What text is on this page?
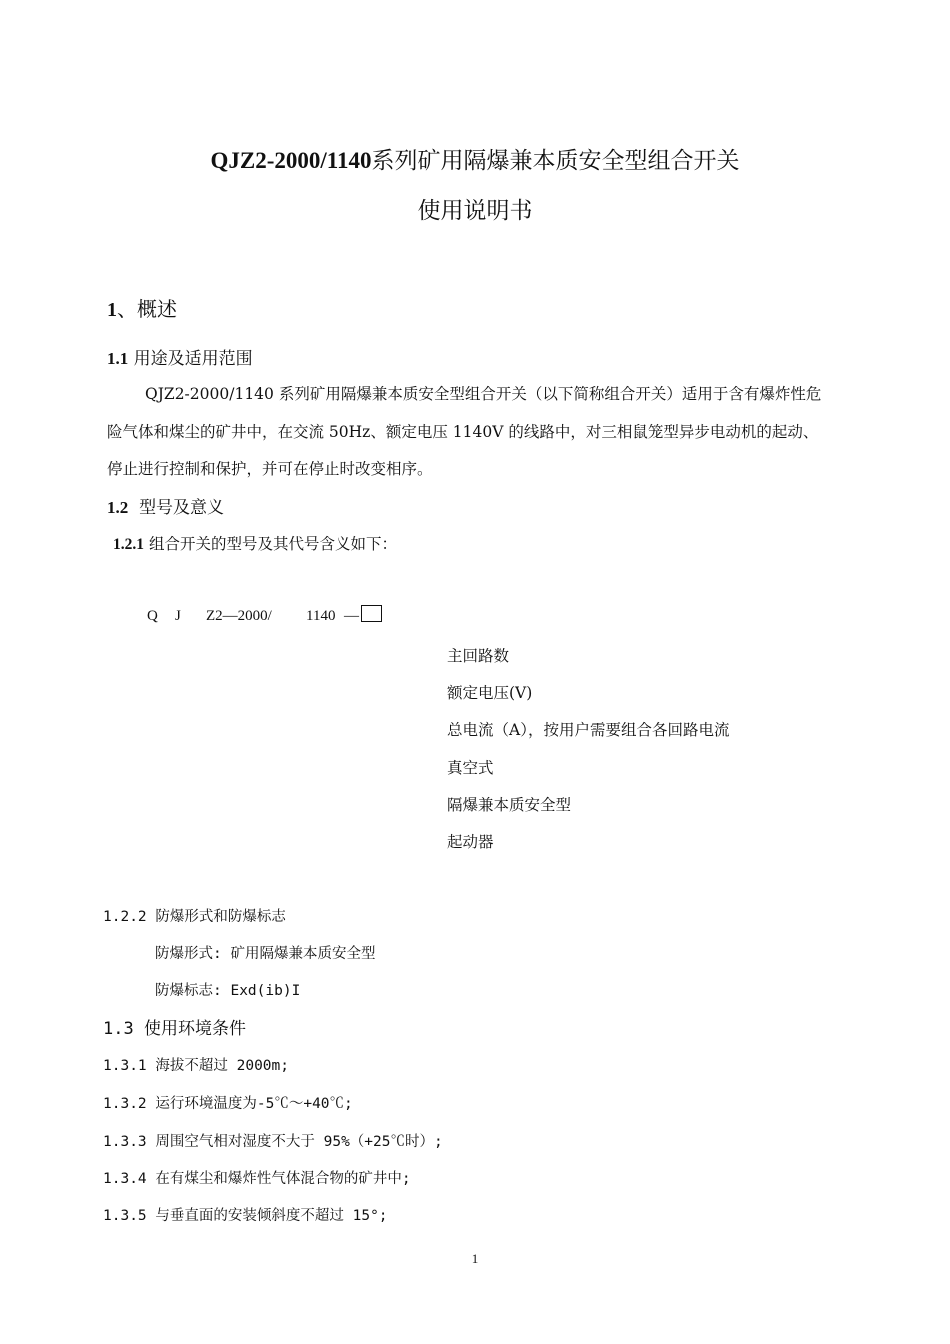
QJZ2-2000/1140系列矿用隔爆兼本质安全型组合开关
使用说明书
1、概述
1.1 用途及适用范围
QJZ2-2000/1140 系列矿用隔爆兼本质安全型组合开关（以下简称组合开关）适用于含有爆炸性危
险气体和煤尘的矿井中，在交流 50Hz、额定电压 1140V 的线路中，对三相鼠笼型异步电动机的起动、
停止进行控制和保护，并可在停止时改变相序。
1.2 型号及意义
1.2.1 组合开关的型号及其代号含义如下：
Q J Z2—2000/ 1140 —
主回路数
额定电压(V)
总电流（A），按用户需要组合各回路电流
真空式
隔爆兼本质安全型
起动器
1.2.2 防爆形式和防爆标志
防爆形式: 矿用隔爆兼本质安全型
防爆标志: Exd(ib)I
1.3 使用环境条件
1.3.1 海拔不超过 2000m;
1.3.2 运行环境温度为-5℃～+40℃;
1.3.3 周围空气相对湿度不大于 95%（+25℃时）;
1.3.4 在有煤尘和爆炸性气体混合物的矿井中;
1.3.5 与垂直面的安装倾斜度不超过 15°;
1
